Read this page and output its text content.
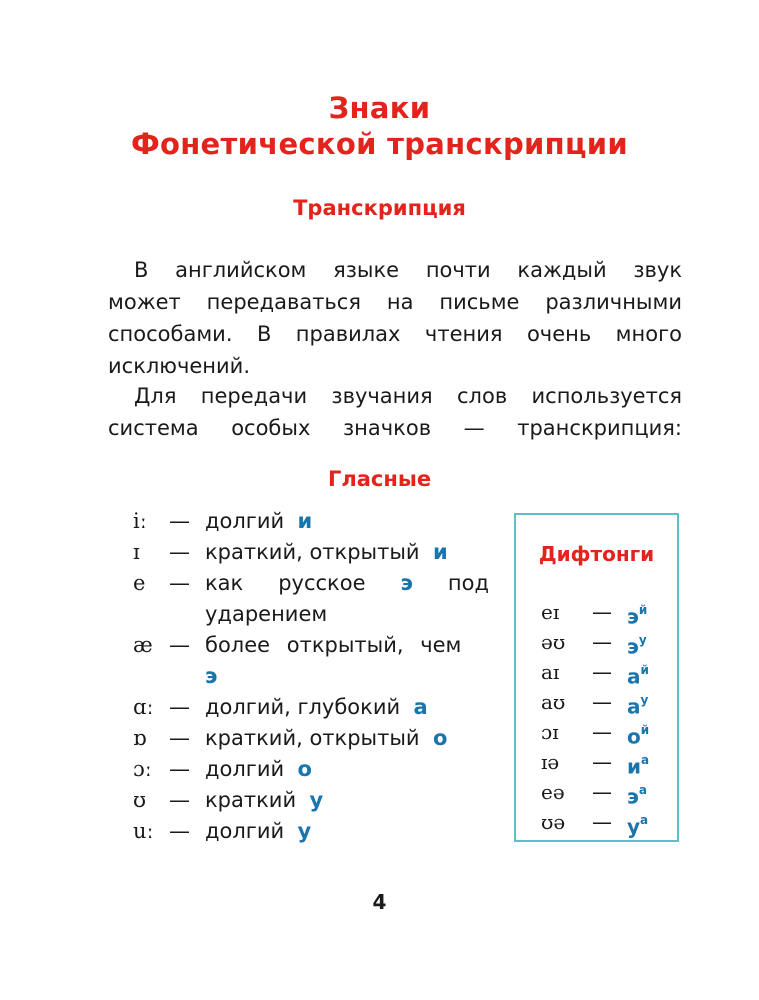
Знаки
Фонетической транскрипции
Транскрипция
В английском языке почти каждый звук
может передаваться на письме различными
способами. В правилах чтения очень много
исключений.
Для передачи звучания слов используется
система особых значков — транскрипция:
Гласные
iː — долгий и
ɪ — краткий, открытый и
e — как русское э под
ударением
æ — более открытый, чем
э
ɑː — долгий, глубокий а
ɒ — краткий, открытый о
ɔː — долгий о
ʊ — краткий у
uː — долгий у
Дифтонги
eɪ — $э^й$
əʊ — $э^у$
aɪ — $а^й$
aʊ — $а^у$
ɔɪ — $о^й$
ɪə — $и^а$
eə — $э^а$
ʊə — $у^а$
4
